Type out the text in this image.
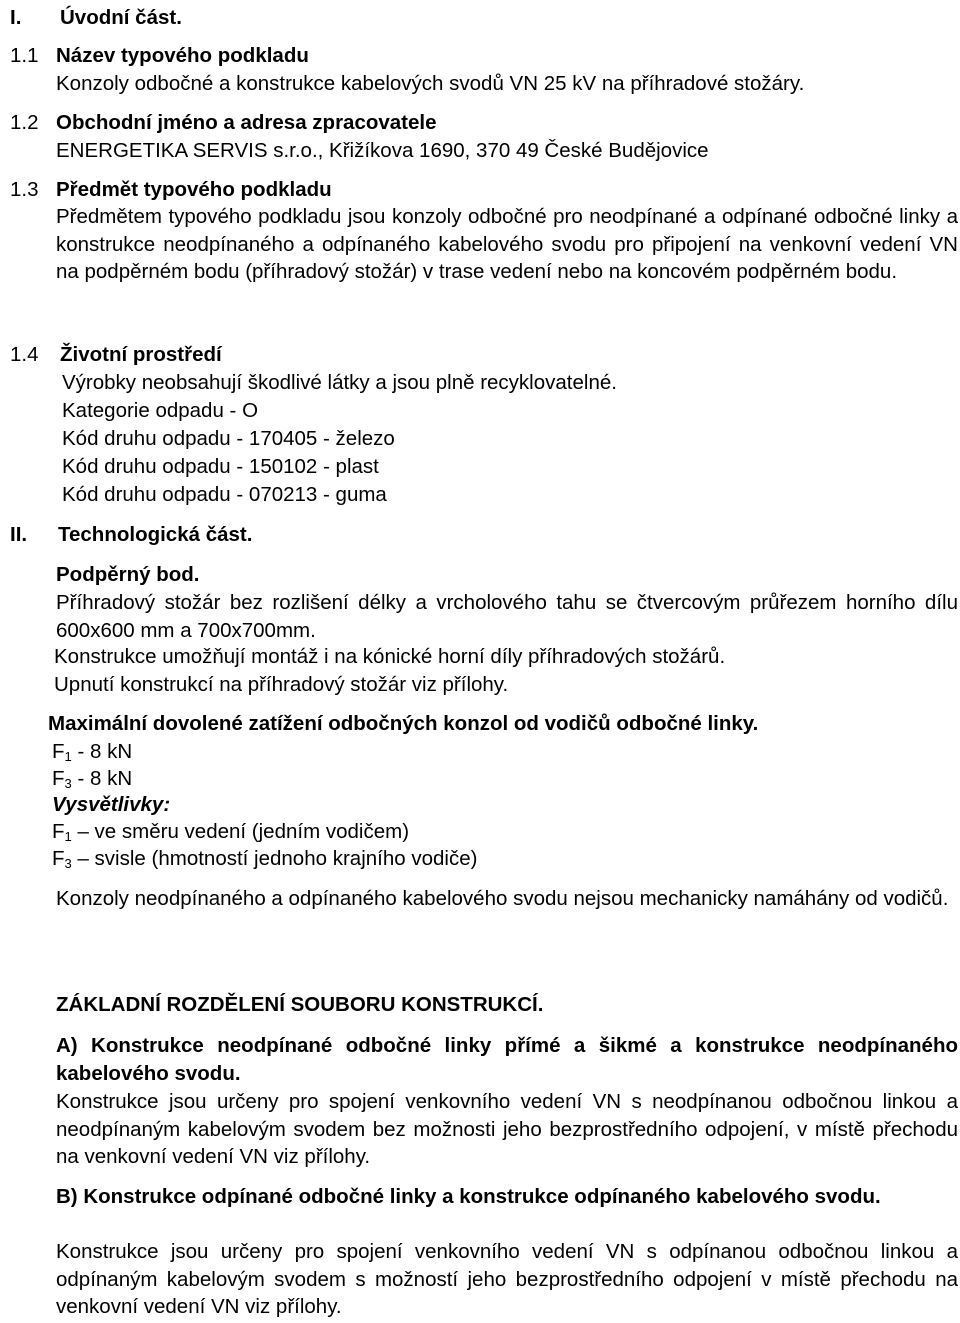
I. Úvodní část.
1.1 Název typového podkladu
Konzoly odbočné a konstrukce kabelových svodů VN 25 kV na příhradové stožáry.
1.2 Obchodní jméno a adresa zpracovatele
ENERGETIKA SERVIS s.r.o., Křižíkova 1690, 370 49 České Budějovice
1.3 Předmět typového podkladu
Předmětem typového podkladu jsou konzoly odbočné pro neodpínané a odpínané odbočné linky a konstrukce neodpínaného a odpínaného kabelového svodu pro připojení na venkovní vedení VN na podpěrném bodu (příhradový stožár) v trase vedení nebo na koncovém podpěrném bodu.
1.4 Životní prostředí
Výrobky neobsahují škodlivé látky a jsou plně recyklovatelné.
Kategorie odpadu - O
Kód druhu odpadu - 170405 - železo
Kód druhu odpadu - 150102 - plast
Kód druhu odpadu - 070213 - guma
II. Technologická část.
Podpěrný bod.
Příhradový stožár bez rozlišení délky a vrcholového tahu se čtvercovým průřezem horního dílu 600x600 mm a 700x700mm.
Konstrukce umožňují montáž i na kónické horní díly příhradových stožárů.
Upnutí konstrukcí na příhradový stožár viz přílohy.
Maximální dovolené zatížení odbočných konzol od vodičů odbočné linky.
$F_1 - 8$ kN
$F_3 - 8$ kN
Vysvětlivky:
$F_1$ – ve směru vedení (jedním vodičem)
$F_3$ – svisle (hmotností jednoho krajního vodiče)
Konzoly neodpínaného a odpínaného kabelového svodu nejsou mechanicky namáhány od vodičů.
ZÁKLADNÍ ROZDĚLENÍ SOUBORU KONSTRUKCÍ.
A) Konstrukce neodpínané odbočné linky přímé a šikmé a konstrukce neodpínaného kabelového svodu.
Konstrukce jsou určeny pro spojení venkovního vedení VN s neodpínanou odbočnou linkou a neodpínaným kabelovým svodem bez možnosti jeho bezprostředního odpojení, v místě přechodu na venkovní vedení VN viz přílohy.
B) Konstrukce odpínané odbočné linky a konstrukce odpínaného kabelového svodu.
Konstrukce jsou určeny pro spojení venkovního vedení VN s odpínanou odbočnou linkou a odpínaným kabelovým svodem s možností jeho bezprostředního odpojení v místě přechodu na venkovní vedení VN viz přílohy.
